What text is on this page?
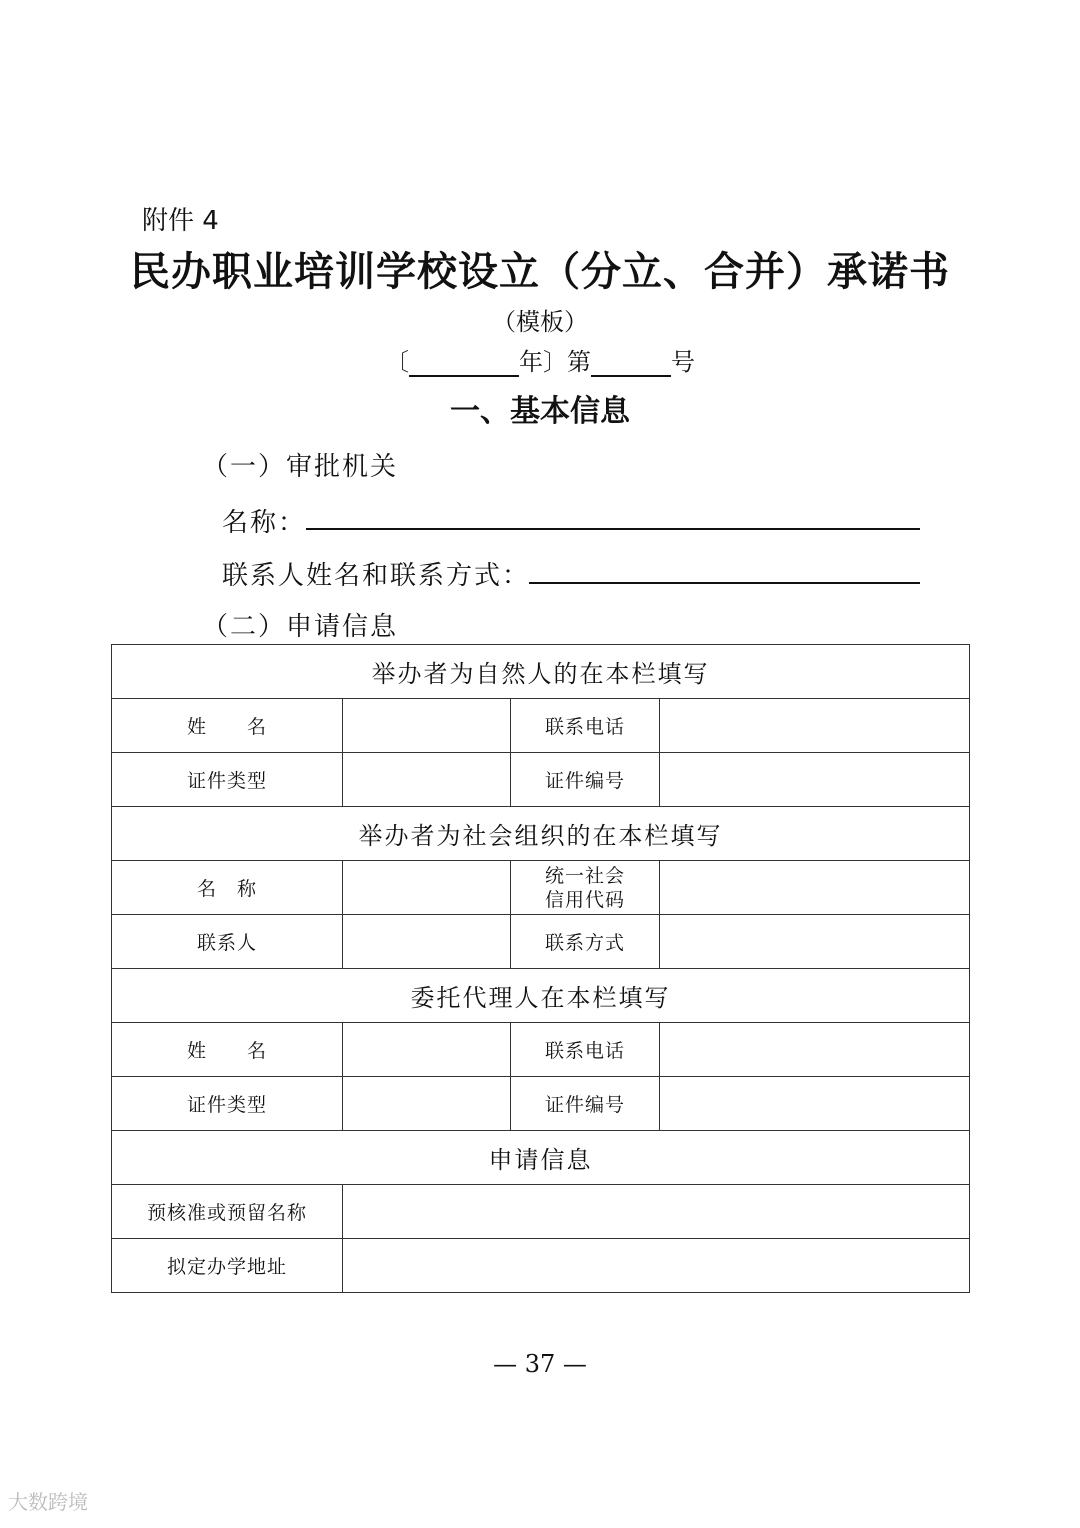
附件 4
民办职业培训学校设立（分立、合并）承诺书
（模板）
〔	年〕第	号
一、基本信息
（一）审批机关
名称：
联系人姓名和联系方式：
（二）申请信息
举办者为自然人的在本栏填写			
姓　　名		联系电话	
证件类型		证件编号	
举办者为社会组织的在本栏填写			
名　称		统一社会
信用代码	

联系人		联系方式	
委托代理人在本栏填写			
姓　　名		联系电话	
证件类型		证件编号	
申请信息			
预核准或预留名称			
拟定办学地址			
— 37 —
大数跨境
